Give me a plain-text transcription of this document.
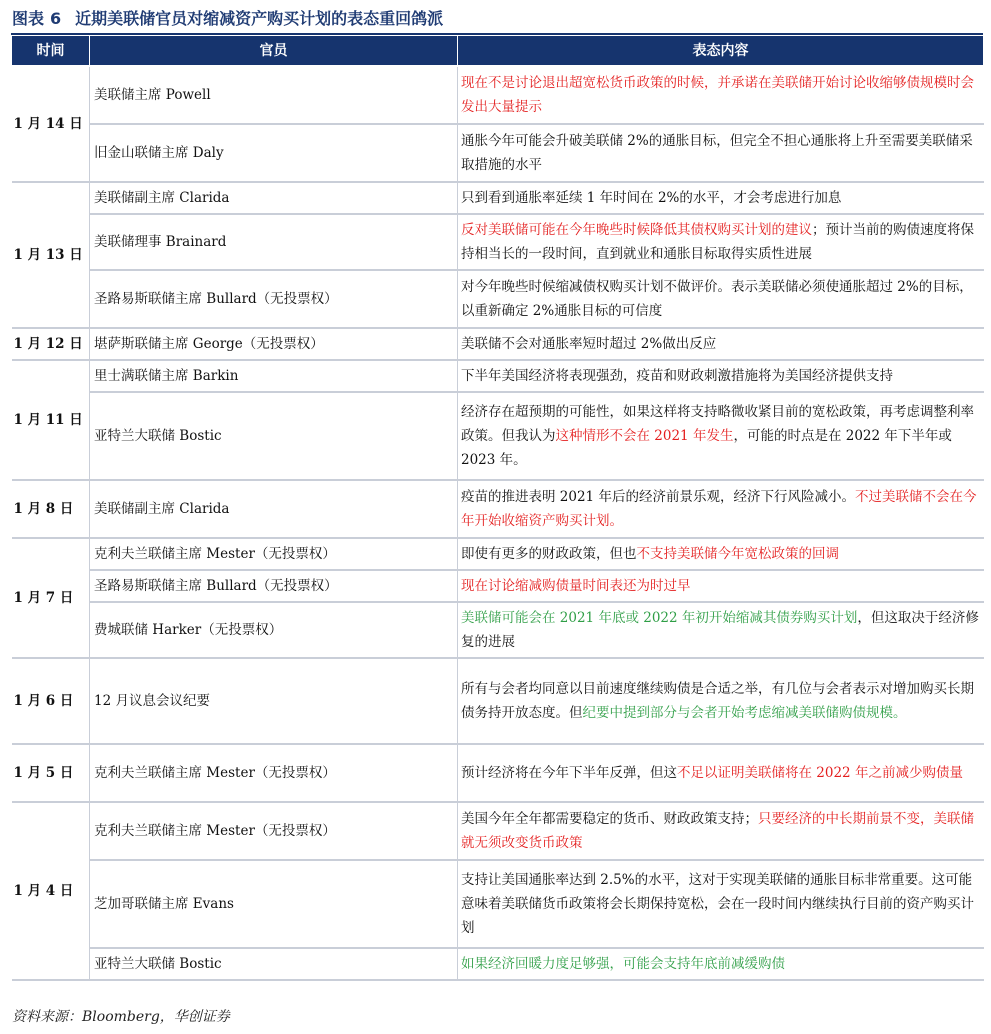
图表 6 近期美联储官员对缩减资产购买计划的表态重回鸽派
时间	官员	表态内容
1 月 14 日	美联储主席 Powell	现在不是讨论退出超宽松货币政策的时候，并承诺在美联储开始讨论收缩够债规模时会发出大量提示
	旧金山联储主席 Daly	通胀今年可能会升破美联储 2%的通胀目标，但完全不担心通胀将上升至需要美联储采取措施的水平
1 月 13 日	美联储副主席 Clarida	只到看到通胀率延续 1 年时间在 2%的水平，才会考虑进行加息
	美联储理事 Brainard	反对美联储可能在今年晚些时候降低其债权购买计划的建议；预计当前的购债速度将保持相当长的一段时间，直到就业和通胀目标取得实质性进展
	圣路易斯联储主席 Bullard（无投票权）	对今年晚些时候缩减债权购买计划不做评价。表示美联储必须使通胀超过 2%的目标，以重新确定 2%通胀目标的可信度
1 月 12 日	堪萨斯联储主席 George（无投票权）	美联储不会对通胀率短时超过 2%做出反应
1 月 11 日	里士满联储主席 Barkin	下半年美国经济将表现强劲，疫苗和财政刺激措施将为美国经济提供支持
	亚特兰大联储 Bostic	经济存在超预期的可能性，如果这样将支持略微收紧目前的宽松政策，再考虑调整利率政策。但我认为这种情形不会在 2021 年发生，可能的时点是在 2022 年下半年或 2023 年。
1 月 8 日	美联储副主席 Clarida	疫苗的推进表明 2021 年后的经济前景乐观，经济下行风险减小。不过美联储不会在今年开始收缩资产购买计划。
1 月 7 日	克利夫兰联储主席 Mester（无投票权）	即使有更多的财政政策，但也不支持美联储今年宽松政策的回调
	圣路易斯联储主席 Bullard（无投票权）	现在讨论缩减购债量时间表还为时过早
	费城联储 Harker（无投票权）	美联储可能会在 2021 年底或 2022 年初开始缩减其债券购买计划，但这取决于经济修复的进展
1 月 6 日	12 月议息会议纪要	所有与会者均同意以目前速度继续购债是合适之举，有几位与会者表示对增加购买长期债务持开放态度。但纪要中提到部分与会者开始考虑缩减美联储购债规模。
1 月 5 日	克利夫兰联储主席 Mester（无投票权）	预计经济将在今年下半年反弹，但这不足以证明美联储将在 2022 年之前减少购债量
1 月 4 日	克利夫兰联储主席 Mester（无投票权）	美国今年全年都需要稳定的货币、财政政策支持；只要经济的中长期前景不变，美联储就无须改变货币政策
	芝加哥联储主席 Evans	支持让美国通胀率达到 2.5%的水平，这对于实现美联储的通胀目标非常重要。这可能意味着美联储货币政策将会长期保持宽松，会在一段时间内继续执行目前的资产购买计划
	亚特兰大联储 Bostic	如果经济回暖力度足够强，可能会支持年底前减缓购债
资料来源：Bloomberg，华创证券
